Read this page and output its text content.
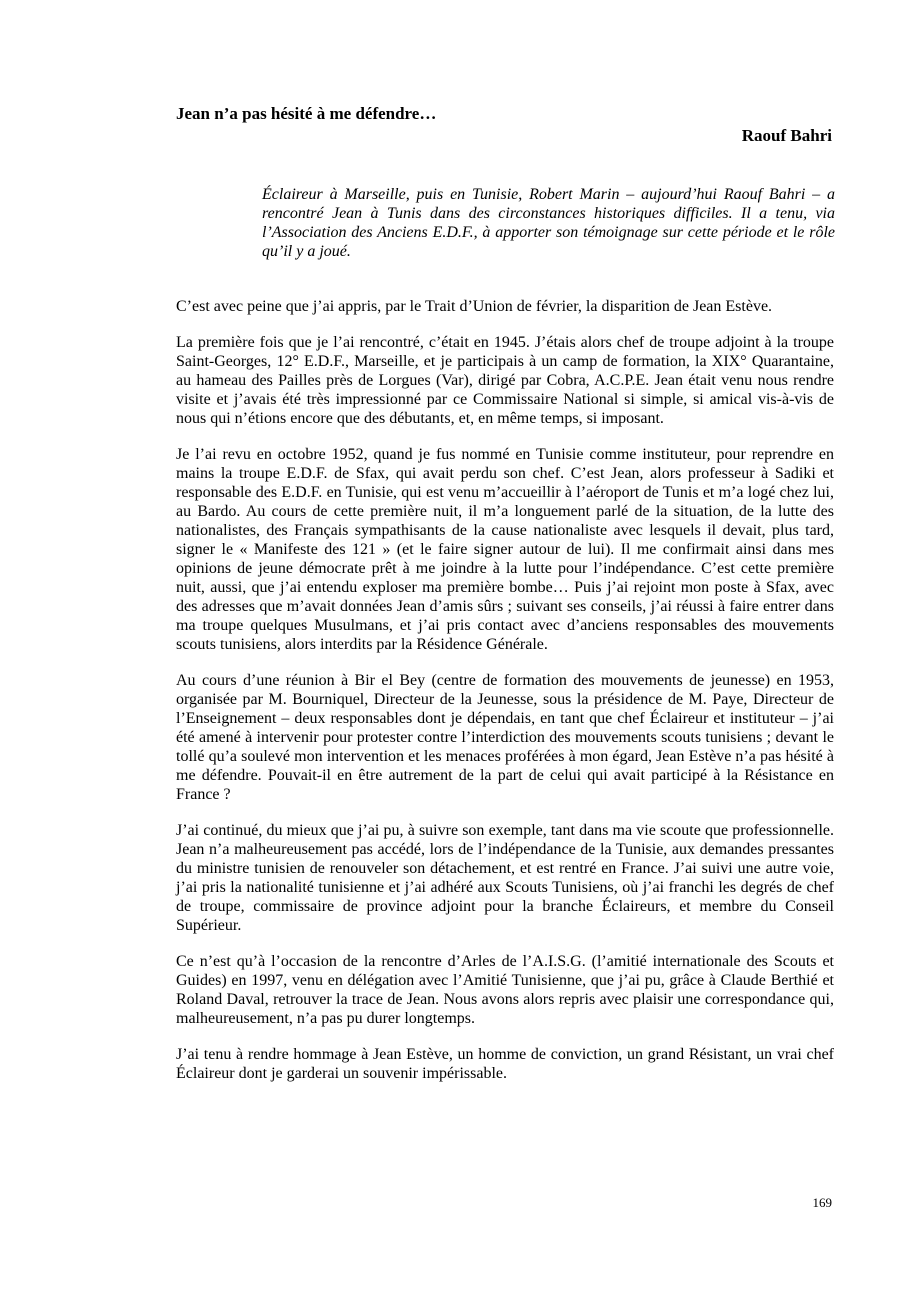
Jean n’a pas hésité à me défendre…
Raouf Bahri

Éclaireur à Marseille, puis en Tunisie, Robert Marin – aujourd’hui Raouf Bahri – a rencontré Jean à Tunis dans des circonstances historiques difficiles. Il a tenu, via l’Association des Anciens E.D.F., à apporter son témoignage sur cette période et le rôle qu’il y a joué.

C’est avec peine que j’ai appris, par le Trait d’Union de février, la disparition de Jean Estève.

La première fois que je l’ai rencontré, c’était en 1945. J’étais alors chef de troupe adjoint à la troupe Saint-Georges, 12° E.D.F., Marseille, et je participais à un camp de formation, la XIX° Quarantaine, au hameau des Pailles près de Lorgues (Var), dirigé par Cobra, A.C.P.E. Jean était venu nous rendre visite et j’avais été très impressionné par ce Commissaire National si simple, si amical vis-à-vis de nous qui n’étions encore que des débutants, et, en même temps, si imposant.

Je l’ai revu en octobre 1952, quand je fus nommé en Tunisie comme instituteur, pour reprendre en mains la troupe E.D.F. de Sfax, qui avait perdu son chef. C’est Jean, alors professeur à Sadiki et responsable des E.D.F. en Tunisie, qui est venu m’accueillir à l’aéroport de Tunis et m’a logé chez lui, au Bardo. Au cours de cette première nuit, il m’a longuement parlé de la situation, de la lutte des nationalistes, des Français sympathisants de la cause nationaliste avec lesquels il devait, plus tard, signer le « Manifeste des 121 » (et le faire signer autour de lui). Il me confirmait ainsi dans mes opinions de jeune démocrate prêt à me joindre à la lutte pour l’indépendance. C’est cette première nuit, aussi, que j’ai entendu exploser ma première bombe… Puis j’ai rejoint mon poste à Sfax, avec des adresses que m’avait données Jean d’amis sûrs ; suivant ses conseils, j’ai réussi à faire entrer dans ma troupe quelques Musulmans, et j’ai pris contact avec d’anciens responsables des mouvements scouts tunisiens, alors interdits par la Résidence Générale.

Au cours d’une réunion à Bir el Bey (centre de formation des mouvements de jeunesse) en 1953, organisée par M. Bourniquel, Directeur de la Jeunesse, sous la présidence de M. Paye, Directeur de l’Enseignement – deux responsables dont je dépendais, en tant que chef Éclaireur et instituteur – j’ai été amené à intervenir pour protester contre l’interdiction des mouvements scouts tunisiens ; devant le tollé qu’a soulevé mon intervention et les menaces proférées à mon égard, Jean Estève n’a pas hésité à me défendre. Pouvait-il en être autrement de la part de celui qui avait participé à la Résistance en France ?

J’ai continué, du mieux que j’ai pu, à suivre son exemple, tant dans ma vie scoute que professionnelle. Jean n’a malheureusement pas accédé, lors de l’indépendance de la Tunisie, aux demandes pressantes du ministre tunisien de renouveler son détachement, et est rentré en France. J’ai suivi une autre voie, j’ai pris la nationalité tunisienne et j’ai adhéré aux Scouts Tunisiens, où j’ai franchi les degrés de chef de troupe, commissaire de province adjoint pour la branche Éclaireurs, et membre du Conseil Supérieur.

Ce n’est qu’à l’occasion de la rencontre d’Arles de l’A.I.S.G. (l’amitié internationale des Scouts et Guides) en 1997, venu en délégation avec l’Amitié Tunisienne, que j’ai pu, grâce à Claude Berthié et Roland Daval, retrouver la trace de Jean. Nous avons alors repris avec plaisir une correspondance qui, malheureusement, n’a pas pu durer longtemps.

J’ai tenu à rendre hommage à Jean Estève, un homme de conviction, un grand Résistant, un vrai chef Éclaireur dont je garderai un souvenir impérissable.

169
